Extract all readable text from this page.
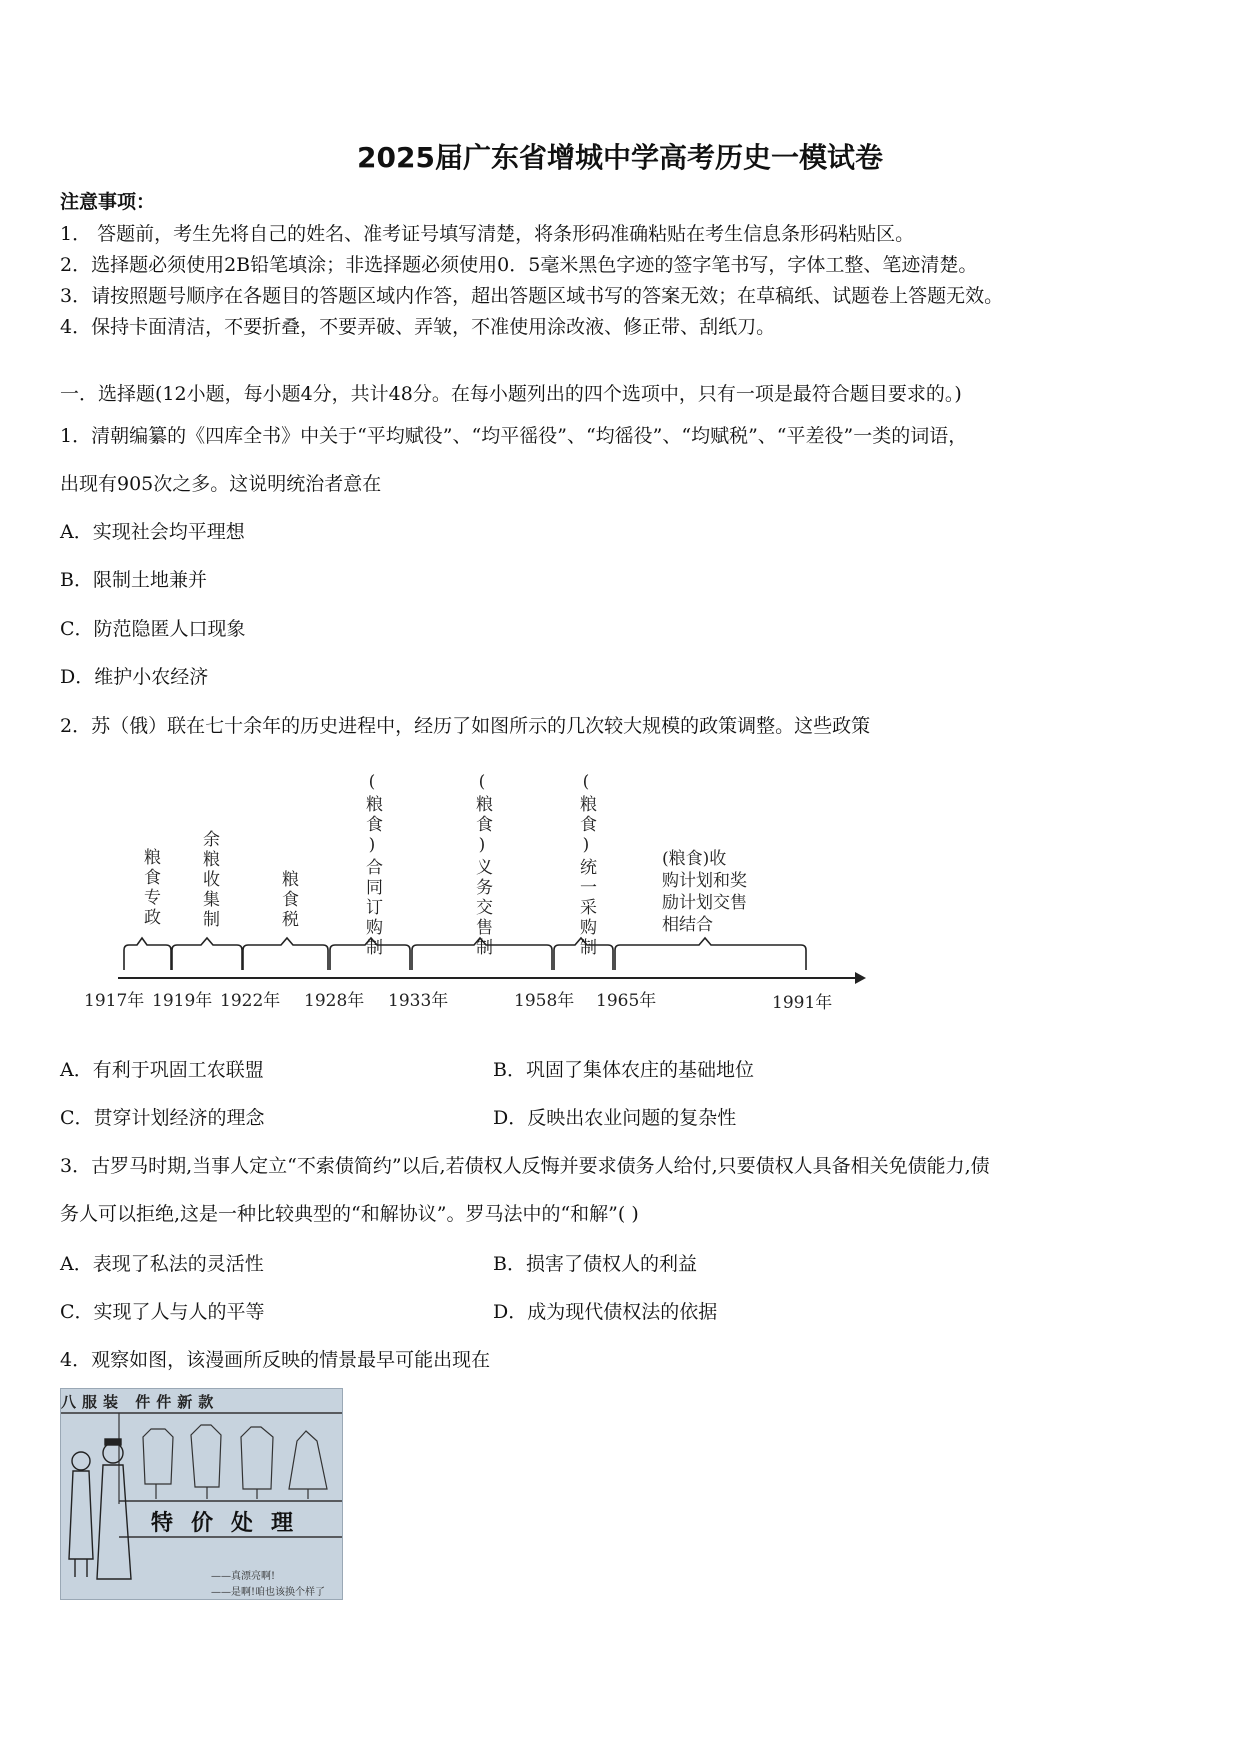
2025届广东省增城中学高考历史一模试卷
注意事项：
1． 答题前，考生先将自己的姓名、准考证号填写清楚，将条形码准确粘贴在考生信息条形码粘贴区。
2．选择题必须使用2B铅笔填涂；非选择题必须使用0．5毫米黑色字迹的签字笔书写，字体工整、笔迹清楚。
3．请按照题号顺序在各题目的答题区域内作答，超出答题区域书写的答案无效；在草稿纸、试题卷上答题无效。
4．保持卡面清洁，不要折叠，不要弄破、弄皱，不准使用涂改液、修正带、刮纸刀。
一．选择题(12小题，每小题4分，共计48分。在每小题列出的四个选项中，只有一项是最符合题目要求的。)
1．清朝编纂的《四库全书》中关于“平均赋役”、“均平徭役”、“均徭役”、“均赋税”、“平差役”一类的词语，
出现有905次之多。这说明统治者意在
A．实现社会均平理想
B．限制土地兼并
C．防范隐匿人口现象
D．维护小农经济
2．苏（俄）联在七十余年的历史进程中，经历了如图所示的几次较大规模的政策调整。这些政策
1917年 1919年 1922年 1928年 1933年	1958年 1965年	1991年
粮食专政 余粮收集制	粮食税	(粮食)合同订购制	(粮食)义务交售制	(粮食)统一采购制	(粮食)收
购计划和奖
励计划交售
相结合
A．有利于巩固工农联盟	B．巩固了集体农庄的基础地位
C．贯穿计划经济的理念	D．反映出农业问题的复杂性
3．古罗马时期,当事人定立“不索债简约”以后,若债权人反悔并要求债务人给付,只要债权人具备相关免债能力,债
务人可以拒绝,这是一种比较典型的“和解协议”。罗马法中的“和解”( )
A．表现了私法的灵活性	B．损害了债权人的利益
C．实现了人与人的平等	D．成为现代债权法的依据
4．观察如图，该漫画所反映的情景最早可能出现在
八服装 件件新款
特价处理
——真漂亮啊!
——是啊!咱也该换个样了
